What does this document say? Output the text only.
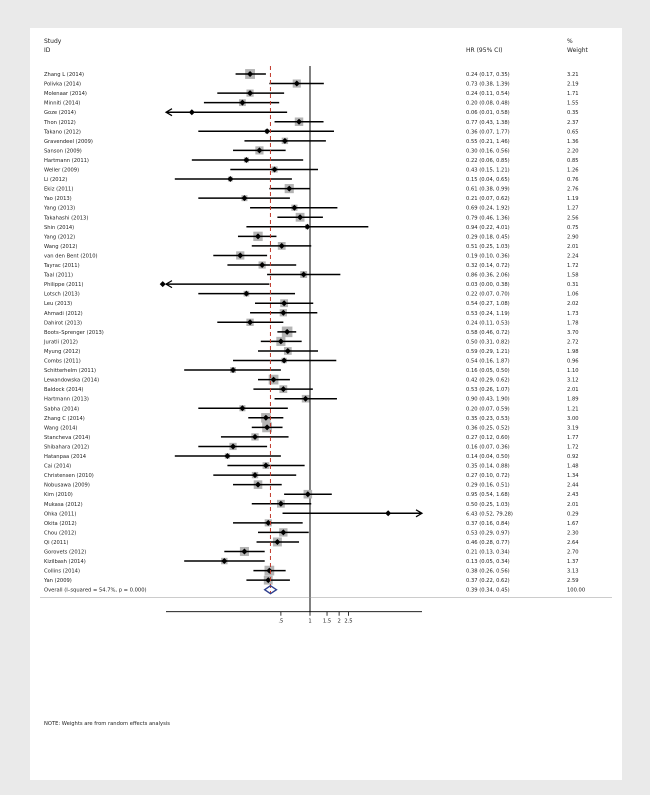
Study
ID	HR (95% CI)
%
Weight
Zhang L (2014)	0.24 (0.17, 0.35)	3.21
Polivka (2014)	0.73 (0.38, 1.39)	2.19
Molenaar (2014)	0.24 (0.11, 0.54)	1.71
Minniti (2014)	0.20 (0.08, 0.48)	1.55
Goze (2014)	0.06 (0.01, 0.58)	0.35
Thon (2012)	0.77 (0.43, 1.38)	2.37
Takano (2012)	0.36 (0.07, 1.77)	0.65
Gravendeel (2009)	0.55 (0.21, 1.46)	1.36
Sanson (2009)	0.30 (0.16, 0.56)	2.20
Hartmann (2011)	0.22 (0.06, 0.85)	0.85
Weller (2009)	0.43 (0.15, 1.21)	1.26
Li (2012)	0.15 (0.04, 0.65)	0.76
Ekiz (2011)	0.61 (0.38, 0.99)	2.76
Yao (2013)	0.21 (0.07, 0.62)	1.19
Yang (2013)	0.69 (0.24, 1.92)	1.27
Takahashi (2013)	0.79 (0.46, 1.36)	2.56
Shin (2014)	0.94 (0.22, 4.01)	0.75
Yang (2012)	0.29 (0.18, 0.45)	2.90
Wang (2012)	0.51 (0.25, 1.03)	2.01
van den Bent (2010)	0.19 (0.10, 0.36)	2.24
Tayrac (2011)	0.32 (0.14, 0.72)	1.72
Taal (2011)	0.86 (0.36, 2.06)	1.58
Philippe (2011)	0.03 (0.00, 0.38)	0.31
Lotsch (2013)	0.22 (0.07, 0.70)	1.06
Leu (2013)	0.54 (0.27, 1.08)	2.02
Ahmadi (2012)	0.53 (0.24, 1.19)	1.73
Dahirot (2013)	0.24 (0.11, 0.53)	1.78
Boots–Sprenger (2013)	0.58 (0.46, 0.72)	3.70
Juratli (2012)	0.50 (0.31, 0.82)	2.72
Myung (2012)	0.59 (0.29, 1.21)	1.98
Combs (2011)	0.54 (0.16, 1.87)	0.96
Schitterhelm (2011)	0.16 (0.05, 0.50)	1.10
Lewandowska (2014)	0.42 (0.29, 0.62)	3.12
Baldock (2014)	0.53 (0.26, 1.07)	2.01
Hartmann (2013)	0.90 (0.43, 1.90)	1.89
Sabha (2014)	0.20 (0.07, 0.59)	1.21
Zhang C (2014)	0.35 (0.23, 0.53)	3.00
Wang (2014)	0.36 (0.25, 0.52)	3.19
Stancheva (2014)	0.27 (0.12, 0.60)	1.77
Shibahara (2012)	0.16 (0.07, 0.36)	1.72
Hatanpaa (2014	0.14 (0.04, 0.50)	0.92
Cai (2014)	0.35 (0.14, 0.88)	1.48
Christensen (2010)	0.27 (0.10, 0.72)	1.34
Nobusawa (2009)	0.29 (0.16, 0.51)	2.44
Kim (2010)	0.95 (0.54, 1.68)	2.43
Mukasa (2012)	0.50 (0.25, 1.03)	2.01
Ohka (2011)	6.43 (0.52, 79.28)	0.29
Okita (2012)	0.37 (0.16, 0.84)	1.67
Chou (2012)	0.53 (0.29, 0.97)	2.30
Qi (2011)	0.46 (0.28, 0.77)	2.64
Gorovets (2012)	0.21 (0.13, 0.34)	2.70
Kizilbash (2014)	0.13 (0.05, 0.34)	1.37
Collins (2014)	0.38 (0.26, 0.56)	3.13
Yan (2009)	0.37 (0.22, 0.62)	2.59
Overall (I–squared = 54.7%, p = 0.000)	0.39 (0.34, 0.45)	100.00
.5	1 1.5 2 2.5
NOTE: Weights are from random effects analysis
